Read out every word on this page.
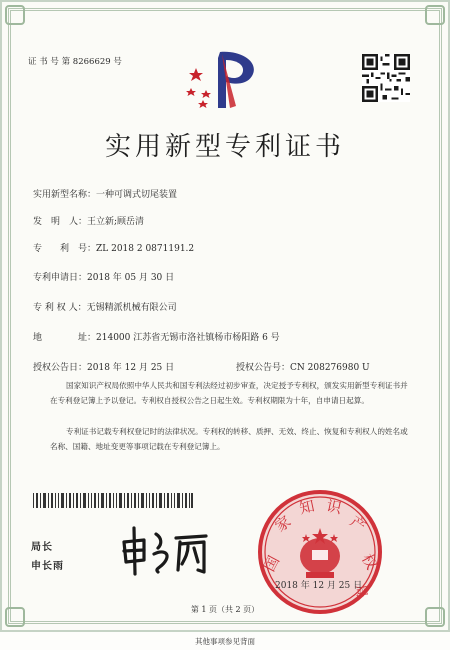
证 书 号 第 8266629 号
实用新型专利证书
实用新型名称：一种可调式切尾装置
发　明　人：王立新;顾岳清
专　　利　号：ZL 2018 2 0871191.2
专利申请日：2018 年 05 月 30 日
专 利 权 人：无锡精派机械有限公司
地　　　　址：214000 江苏省无锡市洛社镇杨市杨阳路 6 号
授权公告日：2018 年 12 月 25 日	授权公告号：CN 208276980 U
国家知识产权局依照中华人民共和国专利法经过初步审查，决定授予专利权，颁发实用新型专利证书并在专利登记簿上予以登记。专利权自授权公告之日起生效。专利权期限为十年，自申请日起算。
专利证书记载专利权登记时的法律状况。专利权的转移、质押、无效、终止、恢复和专利权人的姓名或名称、国籍、地址变更等事项记载在专利登记簿上。
局长
申长雨	国
家
知 识
产
权
局
2018 年 12 月 25 日
第 1 页（共 2 页）
其他事项参见背面
